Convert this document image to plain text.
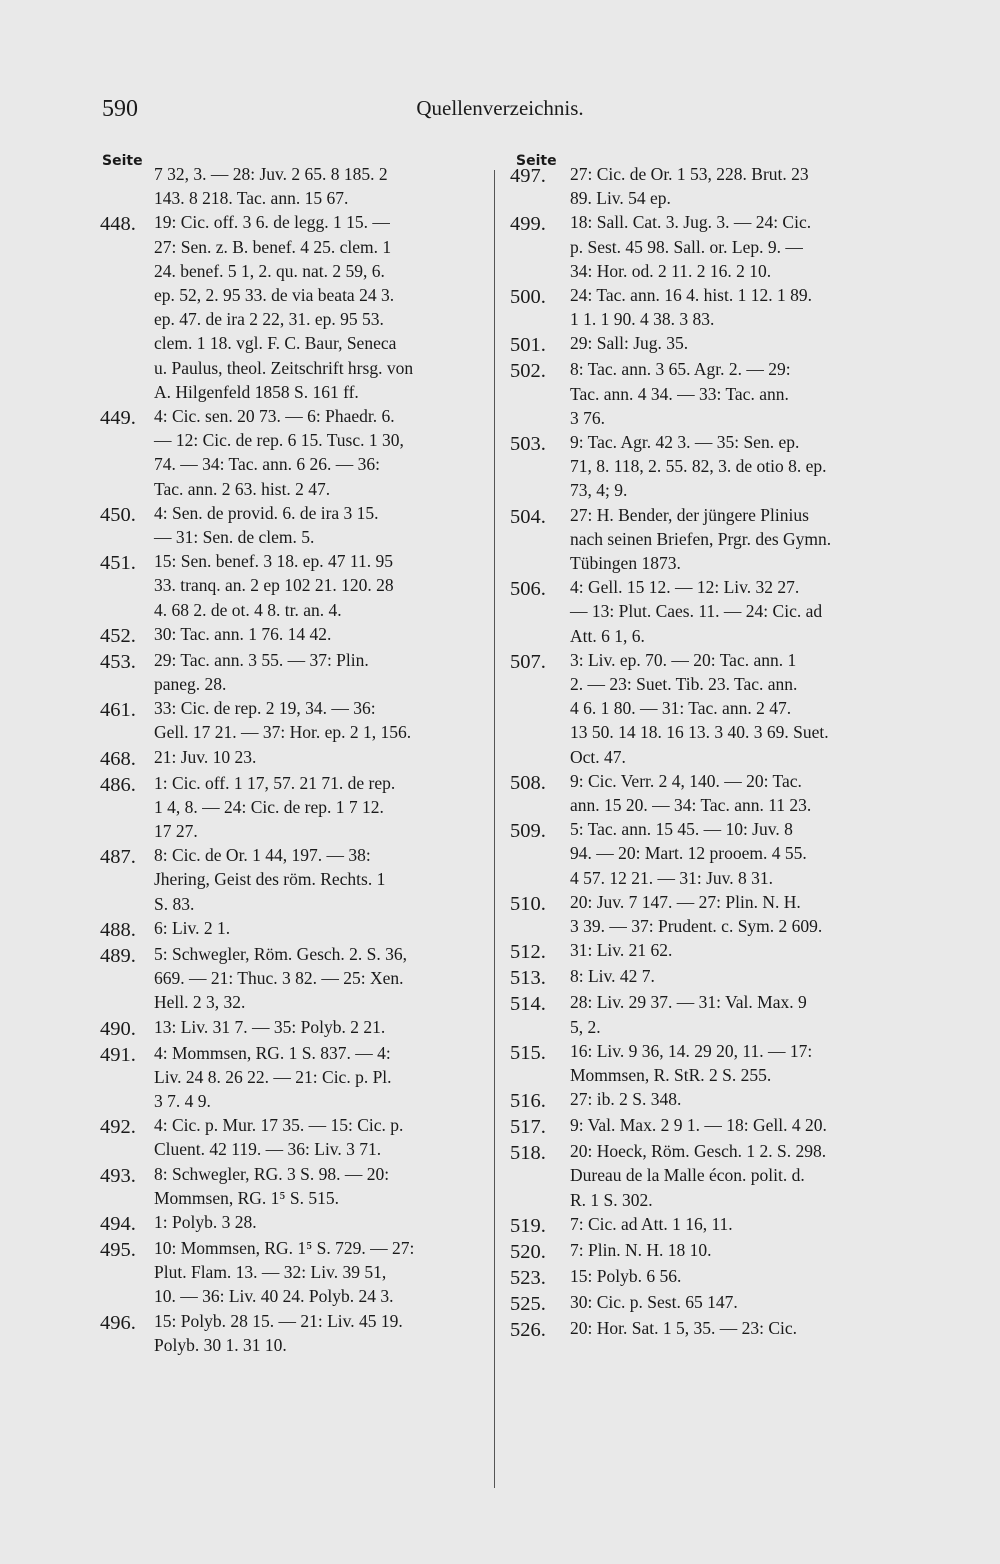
590	Quellenverzeichnis.
Seite	Seite
7 32, 3. — 28: Juv. 2 65. 8 185. 2
143. 8 218. Tac. ann. 15 67.
448.	19: Cic. off. 3 6. de legg. 1 15. —
27: Sen. z. B. benef. 4 25. clem. 1
24. benef. 5 1, 2. qu. nat. 2 59, 6.
ep. 52, 2. 95 33. de via beata 24 3.
ep. 47. de ira 2 22, 31. ep. 95 53.
clem. 1 18. vgl. F. C. Baur, Seneca
u. Paulus, theol. Zeitschrift hrsg. von
A. Hilgenfeld 1858 S. 161 ff.
449.	4: Cic. sen. 20 73. — 6: Phaedr. 6.
— 12: Cic. de rep. 6 15. Tusc. 1 30,
74. — 34: Tac. ann. 6 26. — 36:
Tac. ann. 2 63. hist. 2 47.
450.	4: Sen. de provid. 6. de ira 3 15.
— 31: Sen. de clem. 5.
451.	15: Sen. benef. 3 18. ep. 47 11. 95
33. tranq. an. 2 ep 102 21. 120. 28
4. 68 2. de ot. 4 8. tr. an. 4.
452.	30: Tac. ann. 1 76. 14 42.
453.	29: Tac. ann. 3 55. — 37: Plin.
paneg. 28.
461.	33: Cic. de rep. 2 19, 34. — 36:
Gell. 17 21. — 37: Hor. ep. 2 1, 156.
468.	21: Juv. 10 23.
486.	1: Cic. off. 1 17, 57. 21 71. de rep.
1 4, 8. — 24: Cic. de rep. 1 7 12.
17 27.
487.	8: Cic. de Or. 1 44, 197. — 38:
Jhering, Geist des röm. Rechts. 1
S. 83.
488.	6: Liv. 2 1.
489.	5: Schwegler, Röm. Gesch. 2. S. 36,
669. — 21: Thuc. 3 82. — 25: Xen.
Hell. 2 3, 32.
490.	13: Liv. 31 7. — 35: Polyb. 2 21.
491.	4: Mommsen, RG. 1 S. 837. — 4:
Liv. 24 8. 26 22. — 21: Cic. p. Pl.
3 7. 4 9.
492.	4: Cic. p. Mur. 17 35. — 15: Cic. p.
Cluent. 42 119. — 36: Liv. 3 71.
493.	8: Schwegler, RG. 3 S. 98. — 20:
Mommsen, RG. 1⁵ S. 515.
494.	1: Polyb. 3 28.
495.	10: Mommsen, RG. 1⁵ S. 729. — 27:
Plut. Flam. 13. — 32: Liv. 39 51,
10. — 36: Liv. 40 24. Polyb. 24 3.
496.	15: Polyb. 28 15. — 21: Liv. 45 19.
Polyb. 30 1. 31 10.
497.	27: Cic. de Or. 1 53, 228. Brut. 23
89. Liv. 54 ep.
499.	18: Sall. Cat. 3. Jug. 3. — 24: Cic.
p. Sest. 45 98. Sall. or. Lep. 9. —
34: Hor. od. 2 11. 2 16. 2 10.
500.	24: Tac. ann. 16 4. hist. 1 12. 1 89.
1 1. 1 90. 4 38. 3 83.
501.	29: Sall: Jug. 35.
502.	8: Tac. ann. 3 65. Agr. 2. — 29:
Tac. ann. 4 34. — 33: Tac. ann.
3 76.
503.	9: Tac. Agr. 42 3. — 35: Sen. ep.
71, 8. 118, 2. 55. 82, 3. de otio 8. ep.
73, 4; 9.
504.	27: H. Bender, der jüngere Plinius
nach seinen Briefen, Prgr. des Gymn.
Tübingen 1873.
506.	4: Gell. 15 12. — 12: Liv. 32 27.
— 13: Plut. Caes. 11. — 24: Cic. ad
Att. 6 1, 6.
507.	3: Liv. ep. 70. — 20: Tac. ann. 1
2. — 23: Suet. Tib. 23. Tac. ann.
4 6. 1 80. — 31: Tac. ann. 2 47.
13 50. 14 18. 16 13. 3 40. 3 69. Suet.
Oct. 47.
508.	9: Cic. Verr. 2 4, 140. — 20: Tac.
ann. 15 20. — 34: Tac. ann. 11 23.
509.	5: Tac. ann. 15 45. — 10: Juv. 8
94. — 20: Mart. 12 prooem. 4 55.
4 57. 12 21. — 31: Juv. 8 31.
510.	20: Juv. 7 147. — 27: Plin. N. H.
3 39. — 37: Prudent. c. Sym. 2 609.
512.	31: Liv. 21 62.
513.	8: Liv. 42 7.
514.	28: Liv. 29 37. — 31: Val. Max. 9
5, 2.
515.	16: Liv. 9 36, 14. 29 20, 11. — 17:
Mommsen, R. StR. 2 S. 255.
516.	27: ib. 2 S. 348.
517.	9: Val. Max. 2 9 1. — 18: Gell. 4 20.
518.	20: Hoeck, Röm. Gesch. 1 2. S. 298.
Dureau de la Malle écon. polit. d.
R. 1 S. 302.
519.	7: Cic. ad Att. 1 16, 11.
520.	7: Plin. N. H. 18 10.
523.	15: Polyb. 6 56.
525.	30: Cic. p. Sest. 65 147.
526.	20: Hor. Sat. 1 5, 35. — 23: Cic.
